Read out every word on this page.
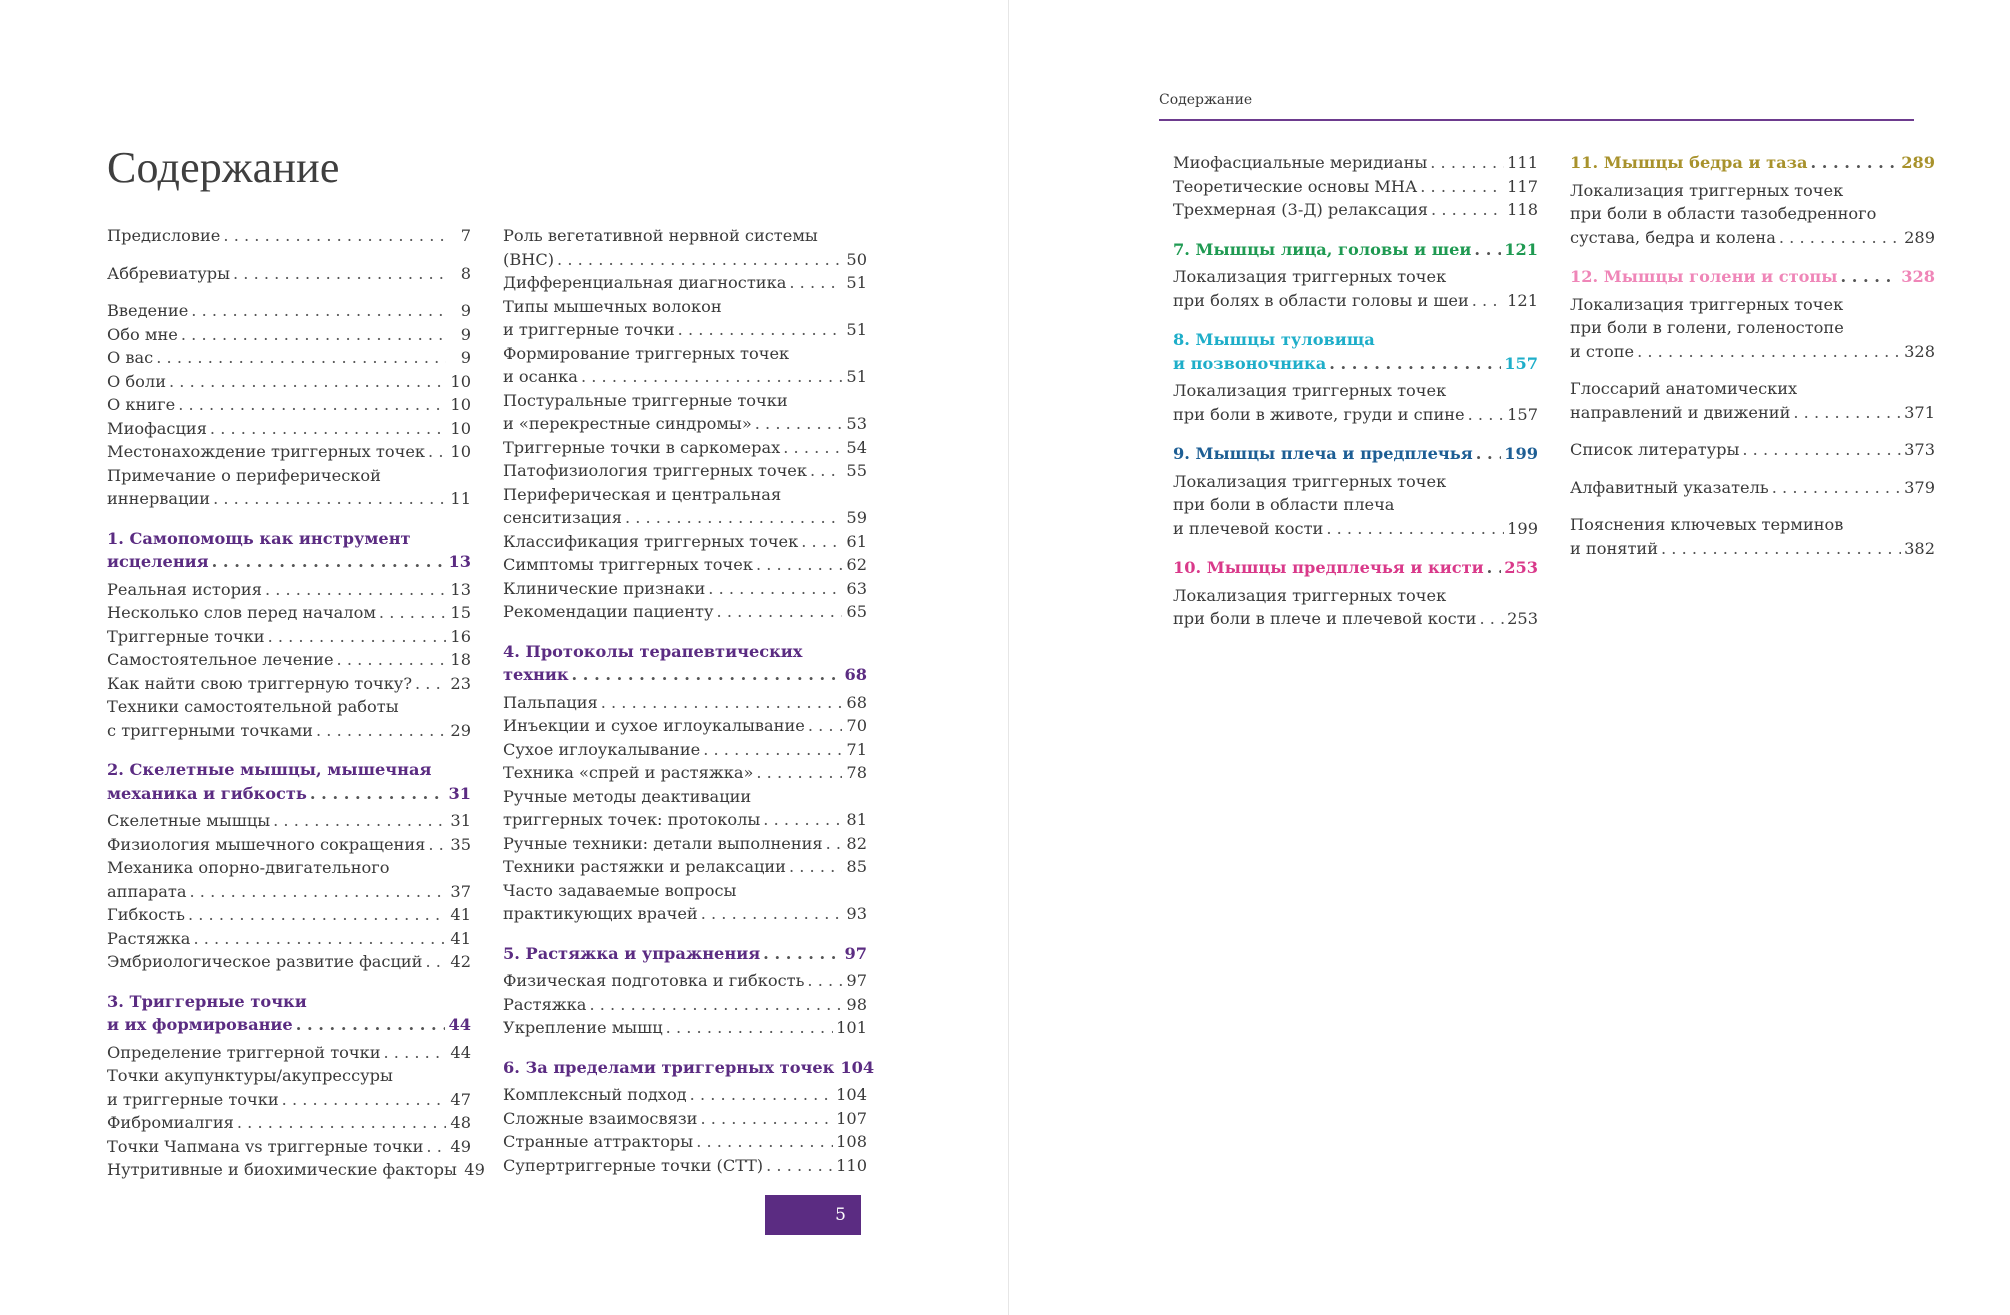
Содержание
Предисловие . . .	7
Аббревиатуры . . .	8
Введение . . .	9
Обо мне . . .	9
О вас . . .	9
О боли . . .	10
О книге . . .	10
Миофасция . . .	10
Местонахождение триггерных точек . . . 10
Примечание о периферической
иннервации . . .	11
1. Самопомощь как инструмент
исцеления . . .	13
Реальная история . . .	13
Несколько слов перед началом . . .	15
Триггерные точки . . .	16
Самостоятельное лечение . . .	18
Как найти свою триггерную точку? . . . 23
Техники самостоятельной работы
с триггерными точками . . .	29
2. Скелетные мышцы, мышечная
механика и гибкость . . .	31
Скелетные мышцы . . .	31
Физиология мышечного сокращения . . . 35
Механика опорно-двигательного
аппарата . . .	37
Гибкость . . .	41
Растяжка . . .	41
Эмбриологическое развитие фасций . . . 42
3. Триггерные точки
и их формирование . . .	44
Определение триггерной точки . . .	44
Точки акупунктуры/акупрессуры
и триггерные точки . . .	47
Фибромиалгия . . .	48
Точки Чапмана vs триггерные точки . . . 49
Нутритивные и биохимические факторы 49
Роль вегетативной нервной системы
(ВНС) . . .	50
Дифференциальная диагностика . . .	51
Типы мышечных волокон
и триггерные точки . . .	51
Формирование триггерных точек
и осанка . . .	51
Постуральные триггерные точки
и «перекрестные синдромы» . . .	53
Триггерные точки в саркомерах . . .	54
Патофизиология триггерных точек . . . 55
Периферическая и центральная
сенситизация . . .	59
Классификация триггерных точек . . .	61
Симптомы триггерных точек . . .	62
Клинические признаки . . .	63
Рекомендации пациенту . . .	65
4. Протоколы терапевтических
техник . . .	68
Пальпация . . .	68
Инъекции и сухое иглоукалывание . . .	70
Сухое иглоукалывание . . .	71
Техника «спрей и растяжка» . . .	78
Ручные методы деактивации
триггерных точек: протоколы . . .	81
Ручные техники: детали выполнения . . . 82
Техники растяжки и релаксации . . .	85
Часто задаваемые вопросы
практикующих врачей . . .	93
5. Растяжка и упражнения . . .	97
Физическая подготовка и гибкость . . .	97
Растяжка . . .	98
Укрепление мышц . . .	101
6. За пределами триггерных точек 104
Комплексный подход . . .	104
Сложные взаимосвязи . . .	107
Странные аттракторы . . .	108
Супертриггерные точки (СТТ) . . .	110
5
Содержание
Миофасциальные меридианы . . .	111
Теоретические основы МНА . . .	117
Трехмерная (3-Д) релаксация . . .	118
7. Мышцы лица, головы и шеи . . . 121
Локализация триггерных точек
при болях в области головы и шеи . . . 121
8. Мышцы туловища
и позвоночника . . .	157
Локализация триггерных точек
при боли в животе, груди и спине . . .	157
9. Мышцы плеча и предплечья . . . 199
Локализация триггерных точек
при боли в области плеча
и плечевой кости . . .	199
10. Мышцы предплечья и кисти . . . 253
Локализация триггерных точек
при боли в плече и плечевой кости . . . 253
11. Мышцы бедра и таза . . .	289
Локализация триггерных точек
при боли в области тазобедренного
сустава, бедра и колена . . .	289
12. Мышцы голени и стопы . . .	328
Локализация триггерных точек
при боли в голени, голеностопе
и стопе . . .	328
Глоссарий анатомических
направлений и движений . . .	371
Список литературы . . .	373
Алфавитный указатель . . .	379
Пояснения ключевых терминов
и понятий . . .	382
